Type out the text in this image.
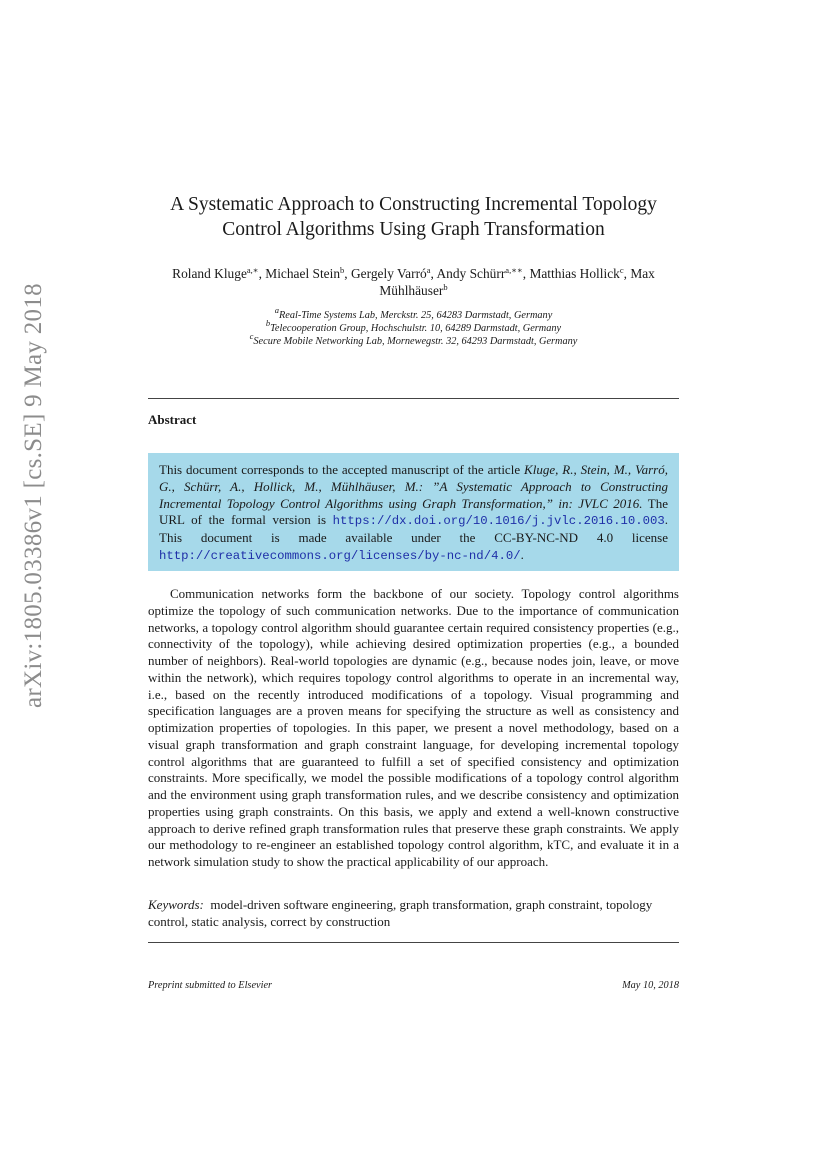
arXiv:1805.03386v1 [cs.SE] 9 May 2018
A Systematic Approach to Constructing Incremental Topology
Control Algorithms Using Graph Transformation
Roland Kluge$^{a,∗}$, Michael Stein$^b$, Gergely Varró$^a$, Andy Schürr$^{a,∗∗}$, Matthias Hollick$^c$, Max Mühlhäuser$^b$
$^a$Real-Time Systems Lab, Merckstr. 25, 64283 Darmstadt, Germany
$^b$Telecooperation Group, Hochschulstr. 10, 64289 Darmstadt, Germany
$^c$Secure Mobile Networking Lab, Mornewegstr. 32, 64293 Darmstadt, Germany
Abstract
This document corresponds to the accepted manuscript of the article Kluge, R., Stein, M., Varró, G., Schürr, A., Hollick, M., Mühlhäuser, M.: ”A Systematic Approach to Constructing Incremental Topology Control Algorithms using Graph Transformation,” in: JVLC 2016. The URL of the formal version is https://dx.doi.org/10.1016/j.jvlc.2016.10.003. This document is made available under the CC-BY-NC-ND 4.0 license http://creativecommons.org/licenses/by-nc-nd/4.0/.

Communication networks form the backbone of our society. Topology control algorithms optimize the topology of such communication networks. Due to the importance of communication networks, a topology control algorithm should guarantee certain required consistency properties (e.g., connectivity of the topology), while achieving desired optimization properties (e.g., a bounded number of neighbors). Real-world topologies are dynamic (e.g., because nodes join, leave, or move within the network), which requires topology control algorithms to operate in an incremental way, i.e., based on the recently introduced modifications of a topology. Visual programming and specification languages are a proven means for specifying the structure as well as consistency and optimization properties of topologies. In this paper, we present a novel methodology, based on a visual graph transformation and graph constraint language, for developing incremental topology control algorithms that are guaranteed to fulfill a set of specified consistency and optimization constraints. More specifically, we model the possible modifications of a topology control algorithm and the environment using graph transformation rules, and we describe consistency and optimization properties using graph constraints. On this basis, we apply and extend a well-known constructive approach to derive refined graph transformation rules that preserve these graph constraints. We apply our methodology to re-engineer an established topology control algorithm, kTC, and evaluate it in a network simulation study to show the practical applicability of our approach.

Keywords: model-driven software engineering, graph transformation, graph constraint, topology control, static analysis, correct by construction

Preprint submitted to Elsevier	May 10, 2018
